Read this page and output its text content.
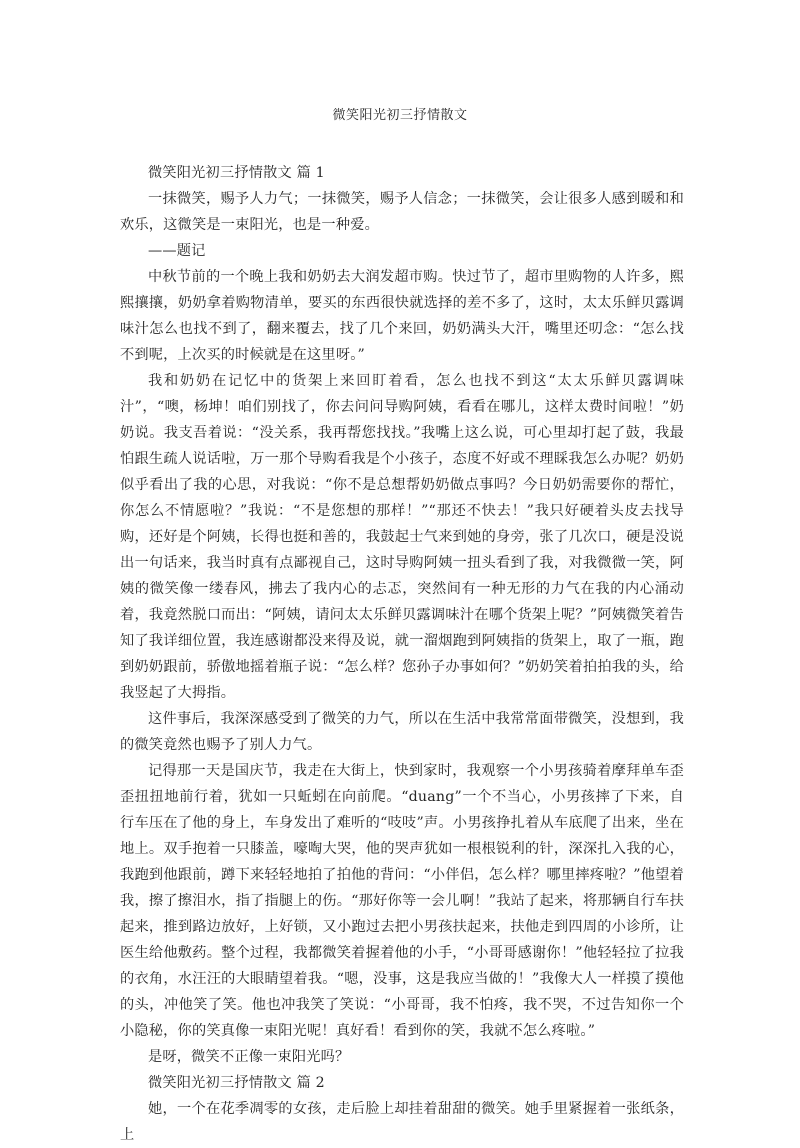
微笑阳光初三抒情散文

微笑阳光初三抒情散文 篇 1

一抹微笑，赐予人力气；一抹微笑，赐予人信念；一抹微笑，会让很多人感到暖和和欢乐，这微笑是一束阳光，也是一种爱。

——题记

中秋节前的一个晚上我和奶奶去大润发超市购。快过节了，超市里购物的人许多，熙熙攘攘，奶奶拿着购物清单，要买的东西很快就选择的差不多了，这时，太太乐鲜贝露调味汁怎么也找不到了，翻来覆去，找了几个来回，奶奶满头大汗，嘴里还叨念：“怎么找不到呢，上次买的时候就是在这里呀。”

我和奶奶在记忆中的货架上来回盯着看，怎么也找不到这“太太乐鲜贝露调味汁”，“噢，杨坤！咱们别找了，你去问问导购阿姨，看看在哪儿，这样太费时间啦！”奶奶说。我支吾着说：“没关系，我再帮您找找。”我嘴上这么说，可心里却打起了鼓，我最怕跟生疏人说话啦，万一那个导购看我是个小孩子，态度不好或不理睬我怎么办呢？奶奶似乎看出了我的心思，对我说：“你不是总想帮奶奶做点事吗？今日奶奶需要你的帮忙，你怎么不情愿啦？”我说：“不是您想的那样！”“那还不快去！”我只好硬着头皮去找导购，还好是个阿姨，长得也挺和善的，我鼓起士气来到她的身旁，张了几次口，硬是没说出一句话来，我当时真有点鄙视自己，这时导购阿姨一扭头看到了我，对我微微一笑，阿姨的微笑像一缕春风，拂去了我内心的忐忑，突然间有一种无形的力气在我的内心涌动着，我竟然脱口而出：“阿姨，请问太太乐鲜贝露调味汁在哪个货架上呢？”阿姨微笑着告知了我详细位置，我连感谢都没来得及说，就一溜烟跑到阿姨指的货架上，取了一瓶，跑到奶奶跟前，骄傲地摇着瓶子说：“怎么样？您孙子办事如何？”奶奶笑着拍拍我的头，给我竖起了大拇指。

这件事后，我深深感受到了微笑的力气，所以在生活中我常常面带微笑，没想到，我的微笑竟然也赐予了别人力气。

记得那一天是国庆节，我走在大街上，快到家时，我观察一个小男孩骑着摩拜单车歪歪扭扭地前行着，犹如一只蚯蚓在向前爬。“duang”一个不当心，小男孩摔了下来，自行车压在了他的身上，车身发出了难听的“吱吱”声。小男孩挣扎着从车底爬了出来，坐在地上。双手抱着一只膝盖，嚎啕大哭，他的哭声犹如一根根锐利的针，深深扎入我的心，我跑到他跟前，蹲下来轻轻地拍了拍他的背问：“小伴侣，怎么样？哪里摔疼啦？”他望着我，擦了擦泪水，指了指腿上的伤。“那好你等一会儿啊！”我站了起来，将那辆自行车扶起来，推到路边放好，上好锁，又小跑过去把小男孩扶起来，扶他走到四周的小诊所，让医生给他敷药。整个过程，我都微笑着握着他的小手，“小哥哥感谢你！”他轻轻拉了拉我的衣角，水汪汪的大眼睛望着我。“嗯，没事，这是我应当做的！”我像大人一样摸了摸他的头，冲他笑了笑。他也冲我笑了笑说：“小哥哥，我不怕疼，我不哭，不过告知你一个小隐秘，你的笑真像一束阳光呢！真好看！看到你的笑，我就不怎么疼啦。”

是呀，微笑不正像一束阳光吗？

微笑阳光初三抒情散文 篇 2

她，一个在花季凋零的女孩，走后脸上却挂着甜甜的微笑。她手里紧握着一张纸条，上
